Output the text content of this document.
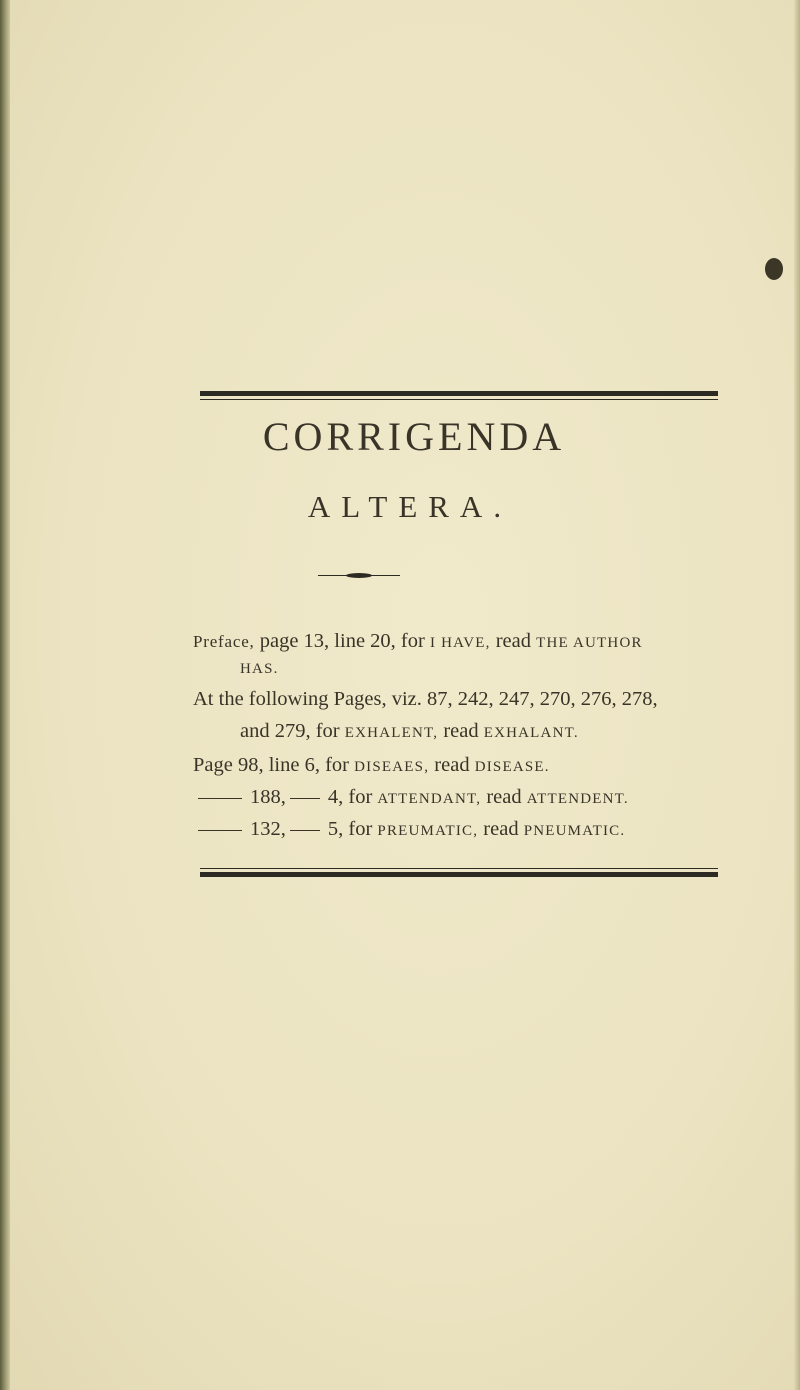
CORRIGENDA
ALTERA.
Preface, page 13, line 20, for I HAVE, read THE AUTHOR
HAS.
At the following Pages, viz. 87, 242, 247, 270, 276, 278,
and 279, for EXHALENT, read EXHALANT.
Page 98, line 6, for DISEAES, read DISEASE.
188, 4, for ATTENDANT, read ATTENDENT.
132, 5, for PREUMATIC, read PNEUMATIC.
